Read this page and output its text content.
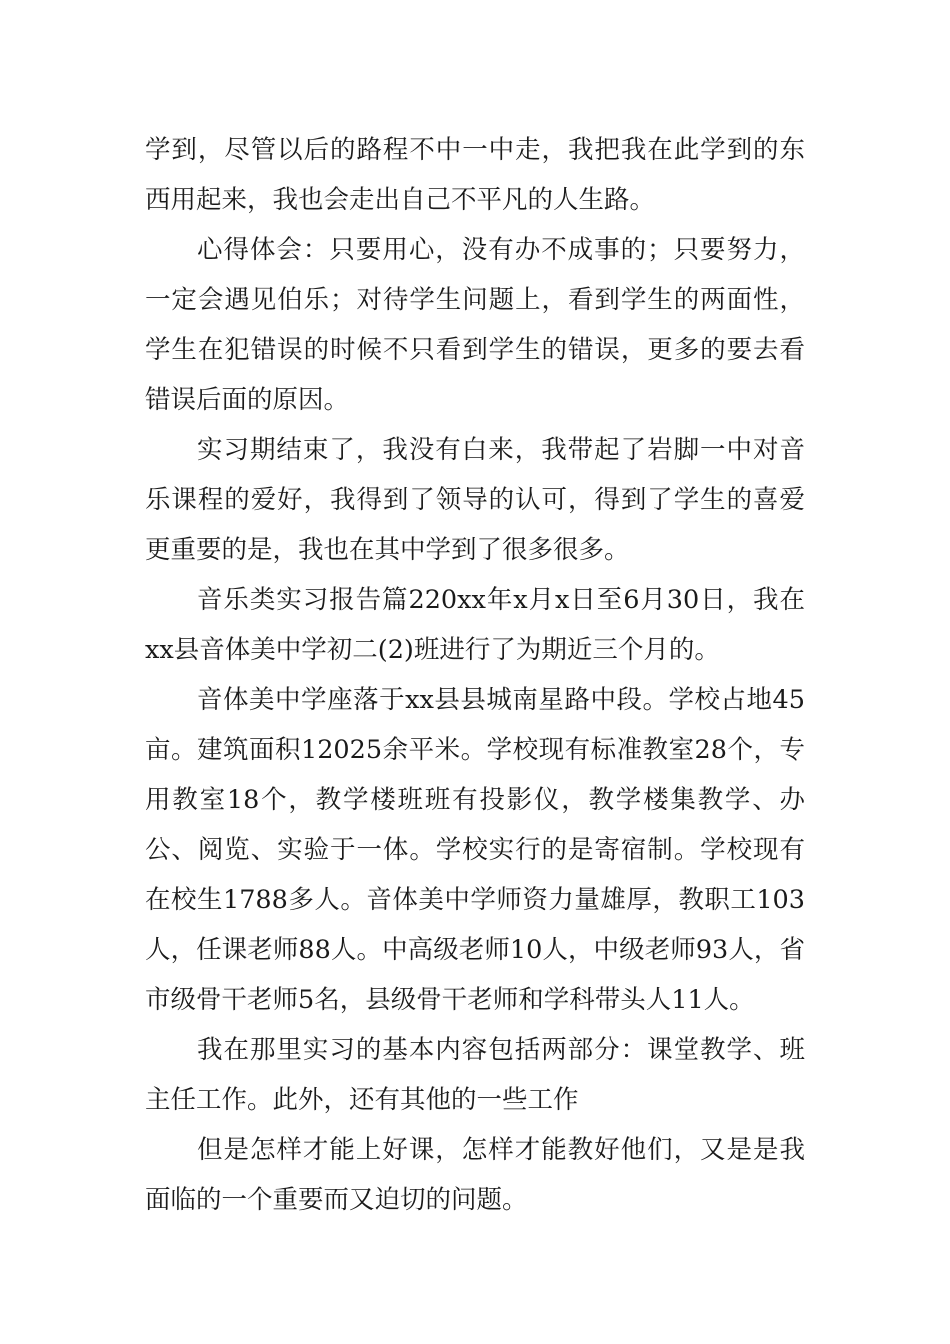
学到，尽管以后的路程不中一中走，我把我在此学到的东西用起来，我也会走出自己不平凡的人生路。

心得体会：只要用心，没有办不成事的；只要努力，一定会遇见伯乐；对待学生问题上，看到学生的两面性，学生在犯错误的时候不只看到学生的错误，更多的要去看错误后面的原因。

实习期结束了，我没有白来，我带起了岩脚一中对音乐课程的爱好，我得到了领导的认可，得到了学生的喜爱更重要的是，我也在其中学到了很多很多。

音乐类实习报告篇220xx年x月x日至6月30日，我在xx县音体美中学初二(2)班进行了为期近三个月的。

音体美中学座落于xx县县城南星路中段。学校占地45亩。建筑面积12025余平米。学校现有标准教室28个，专用教室18个，教学楼班班有投影仪，教学楼集教学、办公、阅览、实验于一体。学校实行的是寄宿制。学校现有在校生1788多人。音体美中学师资力量雄厚，教职工103人，任课老师88人。中高级老师10人，中级老师93人，省市级骨干老师5名，县级骨干老师和学科带头人11人。

我在那里实习的基本内容包括两部分：课堂教学、班主任工作。此外，还有其他的一些工作

但是怎样才能上好课，怎样才能教好他们，又是是我面临的一个重要而又迫切的问题。
